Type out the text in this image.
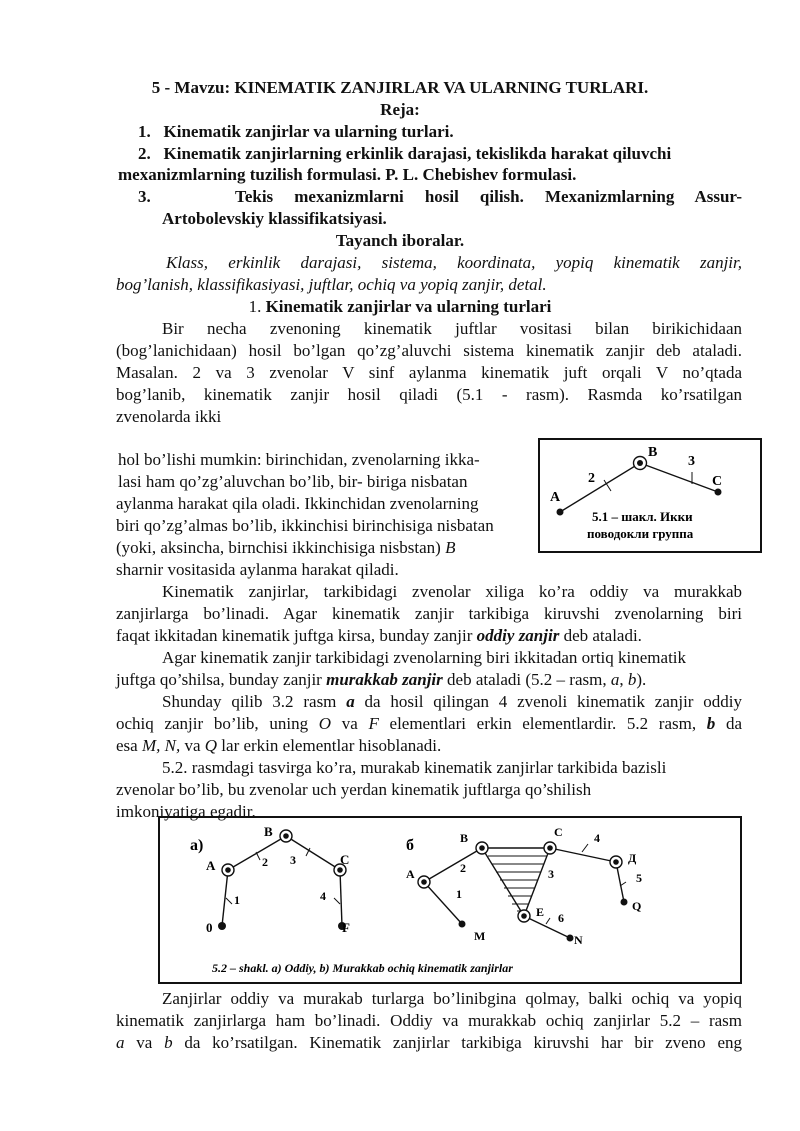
5 - Mavzu: KINEMATIK ZANJIRLAR VA ULARNING TURLARI.
Reja:
1. Kinematik zanjirlar va ularning turlari.
2. Kinematik zanjirlarning erkinlik darajasi, tekislikda harakat qiluvchi
mexanizmlarning tuzilish formulasi. P. L. Chebishev formulasi.
3.	Tekis mexanizmlarni hosil qilish. Mexanizmlarning Assur-
Artobolevskiy klassifikatsiyasi.
Tayanch iboralar.
Klass, erkinlik darajasi, sistema, koordinata, yopiq kinematik zanjir,
bog’lanish, klassifikasiyasi, juftlar, ochiq va yopiq zanjir, detal.
1. Kinematik zanjirlar va ularning turlari
Bir necha zvenoning kinematik juftlar vositasi bilan birikichidaan
(bog’lanichidaan) hosil bo’lgan qo’zg’aluvchi sistema kinematik zanjir deb ataladi.
Masalan. 2 va 3 zvenolar V sinf aylanma kinematik juft orqali V no’qtada
bog’lanib, kinematik zanjir hosil qiladi (5.1 - rasm). Rasmda ko’rsatilgan
zvenolarda ikki
hol bo’lishi mumkin: birinchidan, zvenolarning ikka-
lasi ham qo’zg’aluvchan bo’lib, bir- biriga nisbatan
aylanma harakat qila oladi. Ikkinchidan zvenolarning
biri qo’zg’almas bo’lib, ikkinchisi birinchisiga nisbatan
(yoki, aksincha, birnchisi ikkinchisiga nisbstan) B
sharnir vositasida aylanma harakat qiladi.
A
B
C
2
3
5.1 – шакл. Икки
поводокли группа
Kinematik zanjirlar, tarkibidagi zvenolar xiliga ko’ra oddiy va murakkab
zanjirlarga bo’linadi. Agar kinematik zanjir tarkibiga kiruvshi zvenolarning biri
faqat ikkitadan kinematik juftga kirsa, bunday zanjir oddiy zanjir deb ataladi.
Agar kinematik zanjir tarkibidagi zvenolarning biri ikkitadan ortiq kinematik
juftga qo’shilsa, bunday zanjir murakkab zanjir deb ataladi (5.2 – rasm, a, b).
Shunday qilib 3.2 rasm a da hosil qilingan 4 zvenoli kinematik zanjir oddiy
ochiq zanjir bo’lib, uning O va F elementlari erkin elementlardir. 5.2 rasm, b da
esa M, N, va Q lar erkin elementlar hisoblanadi.
5.2. rasmdagi tasvirga ko’ra, murakab kinematik zanjirlar tarkibida bazisli
zvenolar bo’lib, bu zvenolar uch yerdan kinematik juftlarga qo’shilish
imkoniyatiga egadir.
а)
A
B
C
0	F
1
2 3
4
б
A
B	C
Д
E
M	N
Q
1
2	3
4
5
6
5.2 – shakl. a) Oddiy, b) Murakkab ochiq kinematik zanjirlar
Zanjirlar oddiy va murakab turlarga bo’linibgina qolmay, balki ochiq va yopiq
kinematik zanjirlarga ham bo’linadi. Oddiy va murakkab ochiq zanjirlar 5.2 – rasm
a va b da ko’rsatilgan. Kinematik zanjirlar tarkibiga kiruvshi har bir zveno eng
